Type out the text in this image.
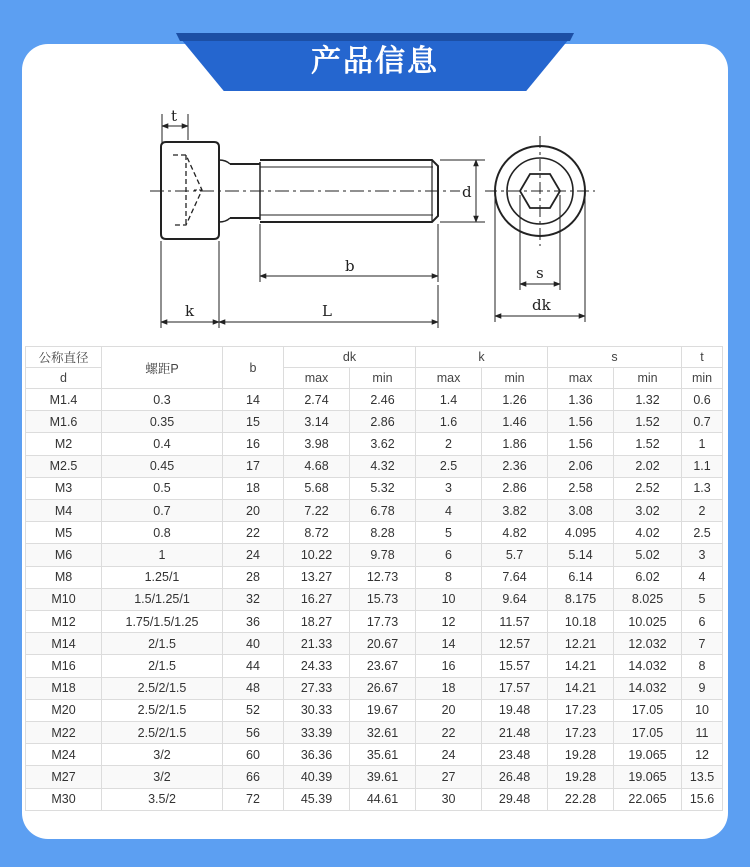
产品信息
t
d
b
k	L
s
dk
公称直径	螺距P	b	dk		k		s		t
d			max	min	max	min	max	min	min
M1.4	0.3	14	2.74	2.46	1.4	1.26	1.36	1.32	0.6
M1.6	0.35	15	3.14	2.86	1.6	1.46	1.56	1.52	0.7
M2	0.4	16	3.98	3.62	2	1.86	1.56	1.52	1
M2.5	0.45	17	4.68	4.32	2.5	2.36	2.06	2.02	1.1
M3	0.5	18	5.68	5.32	3	2.86	2.58	2.52	1.3
M4	0.7	20	7.22	6.78	4	3.82	3.08	3.02	2
M5	0.8	22	8.72	8.28	5	4.82	4.095	4.02	2.5
M6	1	24	10.22	9.78	6	5.7	5.14	5.02	3
M8	1.25/1	28	13.27	12.73	8	7.64	6.14	6.02	4
M10	1.5/1.25/1	32	16.27	15.73	10	9.64	8.175	8.025	5
M12	1.75/1.5/1.25	36	18.27	17.73	12	11.57	10.18	10.025	6
M14	2/1.5	40	21.33	20.67	14	12.57	12.21	12.032	7
M16	2/1.5	44	24.33	23.67	16	15.57	14.21	14.032	8
M18	2.5/2/1.5	48	27.33	26.67	18	17.57	14.21	14.032	9
M20	2.5/2/1.5	52	30.33	19.67	20	19.48	17.23	17.05	10
M22	2.5/2/1.5	56	33.39	32.61	22	21.48	17.23	17.05	11
M24	3/2	60	36.36	35.61	24	23.48	19.28	19.065	12
M27	3/2	66	40.39	39.61	27	26.48	19.28	19.065	13.5
M30	3.5/2	72	45.39	44.61	30	29.48	22.28	22.065	15.6
